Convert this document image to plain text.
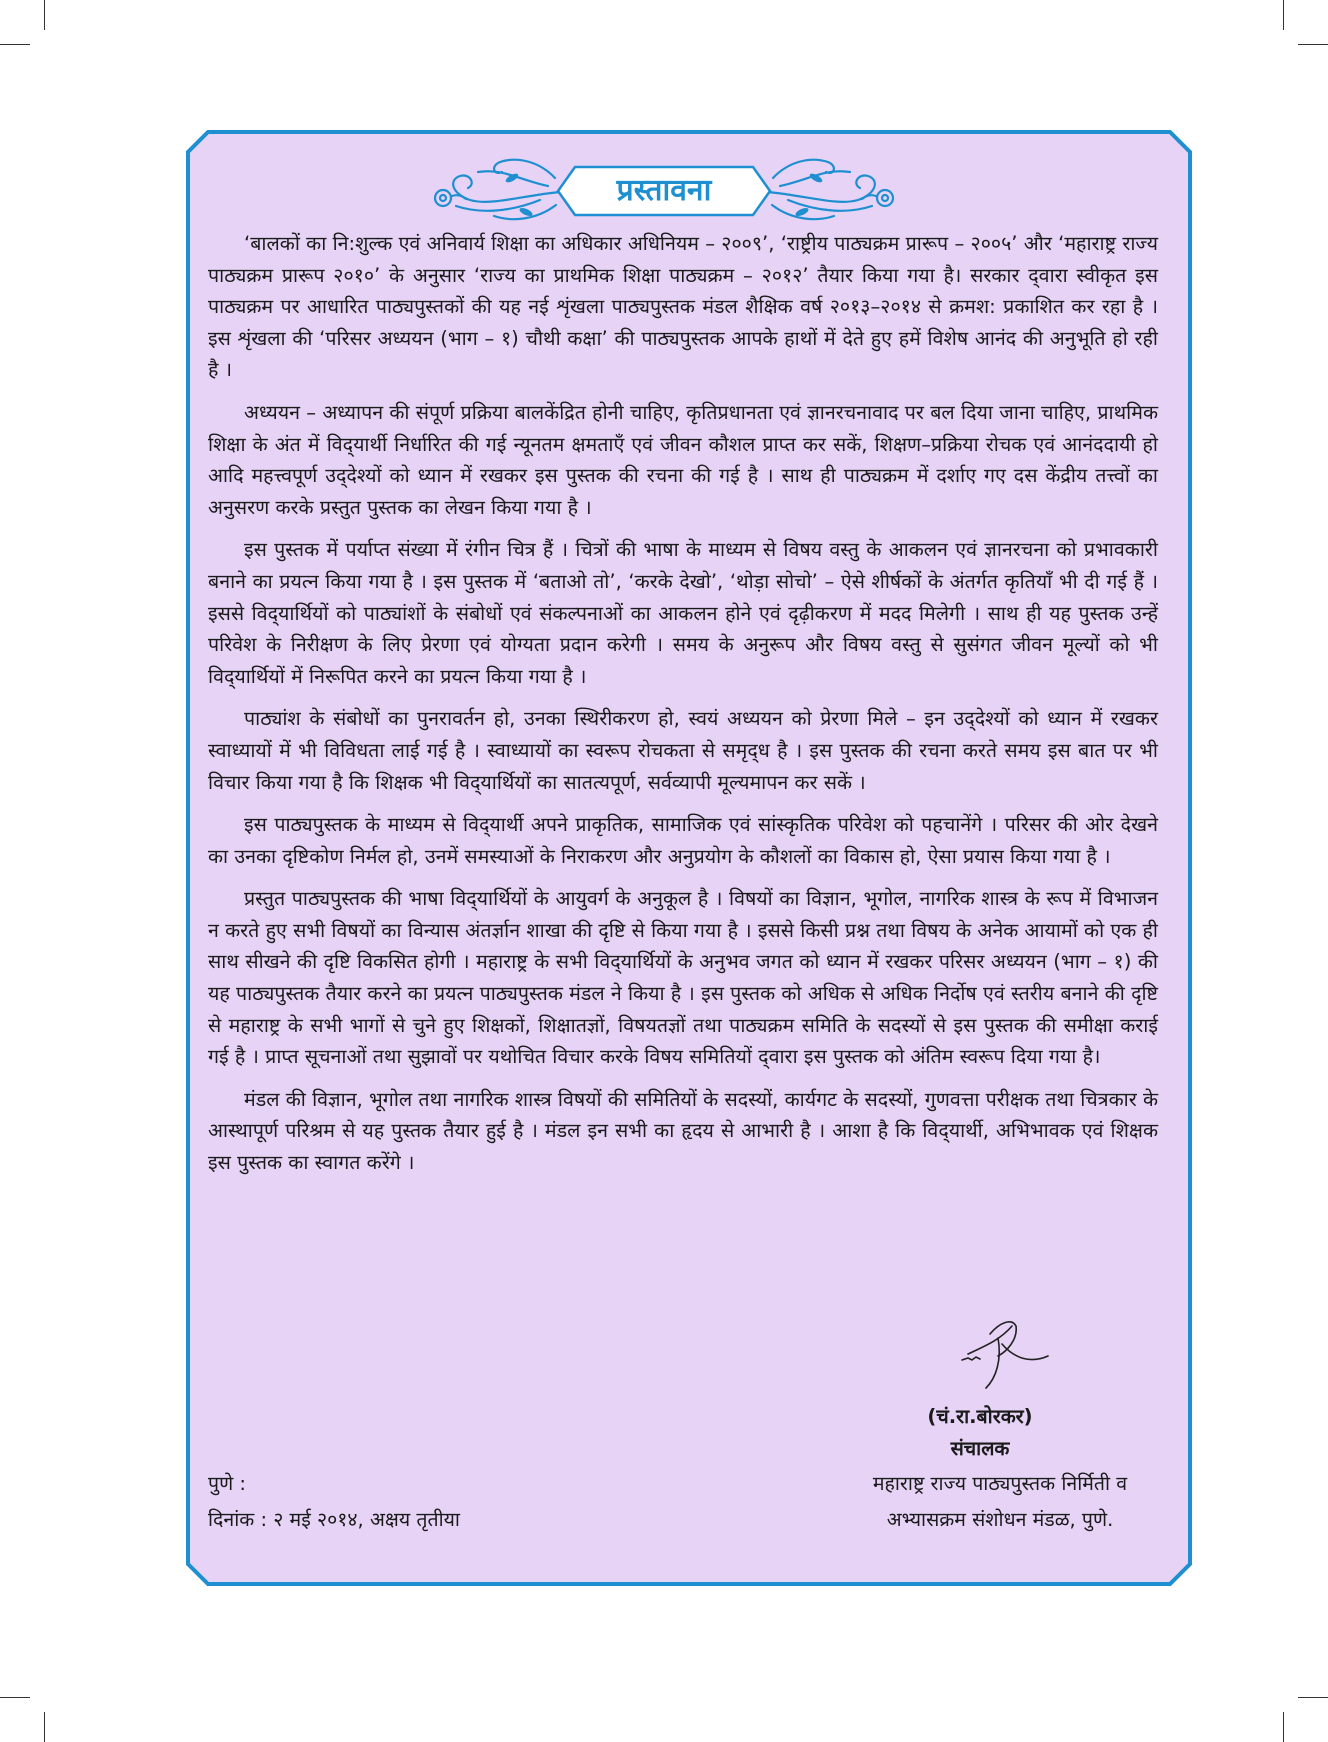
प्रस्तावना

‘बालकों का नि:शुल्क एवं अनिवार्य शिक्षा का अधिकार अधिनियम – २००९’, ‘राष्ट्रीय पाठ्यक्रम प्रारूप – २००५’ और ‘महाराष्ट्र राज्य पाठ्यक्रम प्रारूप २०१०’ के अनुसार ‘राज्य का प्राथमिक शिक्षा पाठ्यक्रम – २०१२’ तैयार किया गया है। सरकार द्‍वारा स्वीकृत इस पाठ्यक्रम पर आधारित पाठ्यपुस्तकों की यह नई शृंखला पाठ्यपुस्तक मंडल शैक्षिक वर्ष २०१३–२०१४ से क्रमश: प्रकाशित कर रहा है । इस शृंखला की ‘परिसर अध्ययन (भाग – १) चौथी कक्षा’ की पाठ्यपुस्तक आपके हाथों में देते हुए हमें विशेष आनंद की अनुभूति हो रही है ।

अध्ययन – अध्यापन की संपूर्ण प्रक्रिया बालकेंद्रित होनी चाहिए, कृतिप्रधानता एवं ज्ञानरचनावाद पर बल दिया जाना चाहिए, प्राथमिक शिक्षा के अंत में विद्‍यार्थी निर्धारित की गई न्यूनतम क्षमताएँ एवं जीवन कौशल प्राप्त कर सकें, शिक्षण–प्रक्रिया रोचक एवं आनंददायी हो आदि महत्त्वपूर्ण उद्‍देश्यों को ध्यान में रखकर इस पुस्तक की रचना की गई है । साथ ही पाठ्यक्रम में दर्शाए गए दस केंद्रीय तत्त्वों का अनुसरण करके प्रस्तुत पुस्तक का लेखन किया गया है ।

इस पुस्तक में पर्याप्त संख्या में रंगीन चित्र हैं । चित्रों की भाषा के माध्यम से विषय वस्तु के आकलन एवं ज्ञानरचना को प्रभावकारी बनाने का प्रयत्न किया गया है । इस पुस्तक में ‘बताओ तो’, ‘करके देखो’, ‘थोड़ा सोचो’ – ऐसे शीर्षकों के अंतर्गत कृतियाँ भी दी गई हैं । इससे विद्‍यार्थियों को पाठ्यांशों के संबोधों एवं संकल्पनाओं का आकलन होने एवं दृढ़ीकरण में मदद मिलेगी । साथ ही यह पुस्तक उन्हें परिवेश के निरीक्षण के लिए प्रेरणा एवं योग्यता प्रदान करेगी । समय के अनुरूप और विषय वस्तु से सुसंगत जीवन मूल्यों को भी विद्‍यार्थियों में निरूपित करने का प्रयत्न किया गया है ।

पाठ्यांश के संबोधों का पुनरावर्तन हो, उनका स्थिरीकरण हो, स्वयं अध्ययन को प्रेरणा मिले – इन उद्‍देश्यों को ध्यान में रखकर स्वाध्यायों में भी विविधता लाई गई है । स्वाध्यायों का स्वरूप रोचकता से समृद्‍ध है । इस पुस्तक की रचना करते समय इस बात पर भी विचार किया गया है कि शिक्षक भी विद्‍यार्थियों का सातत्यपूर्ण, सर्वव्यापी मूल्यमापन कर सकें ।

इस पाठ्यपुस्तक के माध्यम से विद्‍यार्थी अपने प्राकृतिक, सामाजिक एवं सांस्कृतिक परिवेश को पहचानेंगे । परिसर की ओर देखने का उनका दृष्टिकोण निर्मल हो, उनमें समस्याओं के निराकरण और अनुप्रयोग के कौशलों का विकास हो, ऐसा प्रयास किया गया है ।

प्रस्तुत पाठ्यपुस्तक की भाषा विद्‍यार्थियों के आयुवर्ग के अनुकूल है । विषयों का विज्ञान, भूगोल, नागरिक शास्त्र के रूप में विभाजन न करते हुए सभी विषयों का विन्यास अंतर्ज्ञान शाखा की दृष्टि से किया गया है । इससे किसी प्रश्न तथा विषय के अनेक आयामों को एक ही साथ सीखने की दृष्टि विकसित होगी । महाराष्ट्र के सभी विद्‍यार्थियों के अनुभव जगत को ध्यान में रखकर परिसर अध्ययन (भाग – १) की यह पाठ्यपुस्तक तैयार करने का प्रयत्न पाठ्यपुस्तक मंडल ने किया है । इस पुस्तक को अधिक से अधिक निर्दोष एवं स्तरीय बनाने की दृष्टि से महाराष्ट्र के सभी भागों से चुने हुए शिक्षकों, शिक्षातज्ञों, विषयतज्ञों तथा पाठ्यक्रम समिति के सदस्यों से इस पुस्तक की समीक्षा कराई गई है । प्राप्त सूचनाओं तथा सुझावों पर यथोचित विचार करके विषय समितियों द्‍वारा इस पुस्तक को अंतिम स्वरूप दिया गया है।

मंडल की विज्ञान, भूगोल तथा नागरिक शास्त्र विषयों की समितियों के सदस्यों, कार्यगट के सदस्यों, गुणवत्ता परीक्षक तथा चित्रकार के आस्थापूर्ण परिश्रम से यह पुस्तक तैयार हुई है । मंडल इन सभी का हृदय से आभारी है । आशा है कि विद्‍यार्थी, अभिभावक एवं शिक्षक इस पुस्तक का स्वागत करेंगे ।

(चं.रा.बोरकर)
संचालक
महाराष्ट्र राज्य पाठ्यपुस्तक निर्मिती व
अभ्यासक्रम संशोधन मंडळ, पुणे.
पुणे :
दिनांक : २ मई २०१४, अक्षय तृतीया
